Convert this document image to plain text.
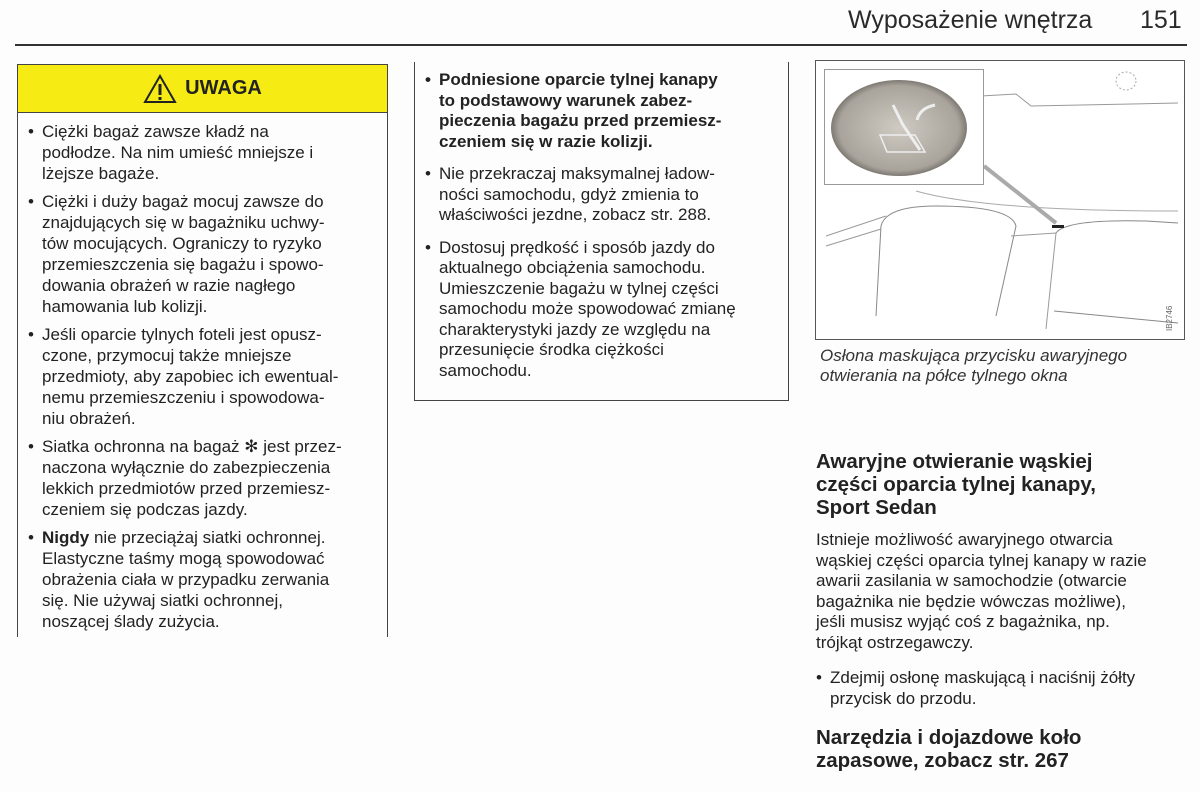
Wyposażenie wnętrza 151
UWAGA
• Ciężki bagaż zawsze kładź na
podłodze. Na nim umieść mniejsze i
lżejsze bagaże.
• Ciężki i duży bagaż mocuj zawsze do
znajdujących się w bagażniku uchwy-
tów mocujących. Ograniczy to ryzyko
przemieszczenia się bagażu i spowo-
dowania obrażeń w razie nagłego
hamowania lub kolizji.
• Jeśli oparcie tylnych foteli jest opusz-
czone, przymocuj także mniejsze
przedmioty, aby zapobiec ich ewentual-
nemu przemieszczeniu i spowodowa-
niu obrażeń.
• Siatka ochronna na bagaż ✻ jest przez-
naczona wyłącznie do zabezpieczenia
lekkich przedmiotów przed przemiesz-
czeniem się podczas jazdy.
• Nigdy nie przeciążaj siatki ochronnej.
Elastyczne taśmy mogą spowodować
obrażenia ciała w przypadku zerwania
się. Nie używaj siatki ochronnej,
noszącej ślady zużycia.
• Podniesione oparcie tylnej kanapy
to podstawowy warunek zabez-
pieczenia bagażu przed przemiesz-
czeniem się w razie kolizji.
• Nie przekraczaj maksymalnej ładow-
ności samochodu, gdyż zmienia to
właściwości jezdne, zobacz str. 288.
• Dostosuj prędkość i sposób jazdy do
aktualnego obciążenia samochodu.
Umieszczenie bagażu w tylnej części
samochodu może spowodować zmianę
charakterystyki jazdy ze względu na
przesunięcie środka ciężkości
samochodu.
IB2746
Osłona maskująca przycisku awaryjnego
otwierania na półce tylnego okna
Awaryjne otwieranie wąskiej
części oparcia tylnej kanapy,
Sport Sedan
Istnieje możliwość awaryjnego otwarcia
wąskiej części oparcia tylnej kanapy w razie
awarii zasilania w samochodzie (otwarcie
bagażnika nie będzie wówczas możliwe),
jeśli musisz wyjąć coś z bagażnika, np.
trójkąt ostrzegawczy.
• Zdejmij osłonę maskującą i naciśnij żółty
przycisk do przodu.
Narzędzia i dojazdowe koło
zapasowe, zobacz str. 267
